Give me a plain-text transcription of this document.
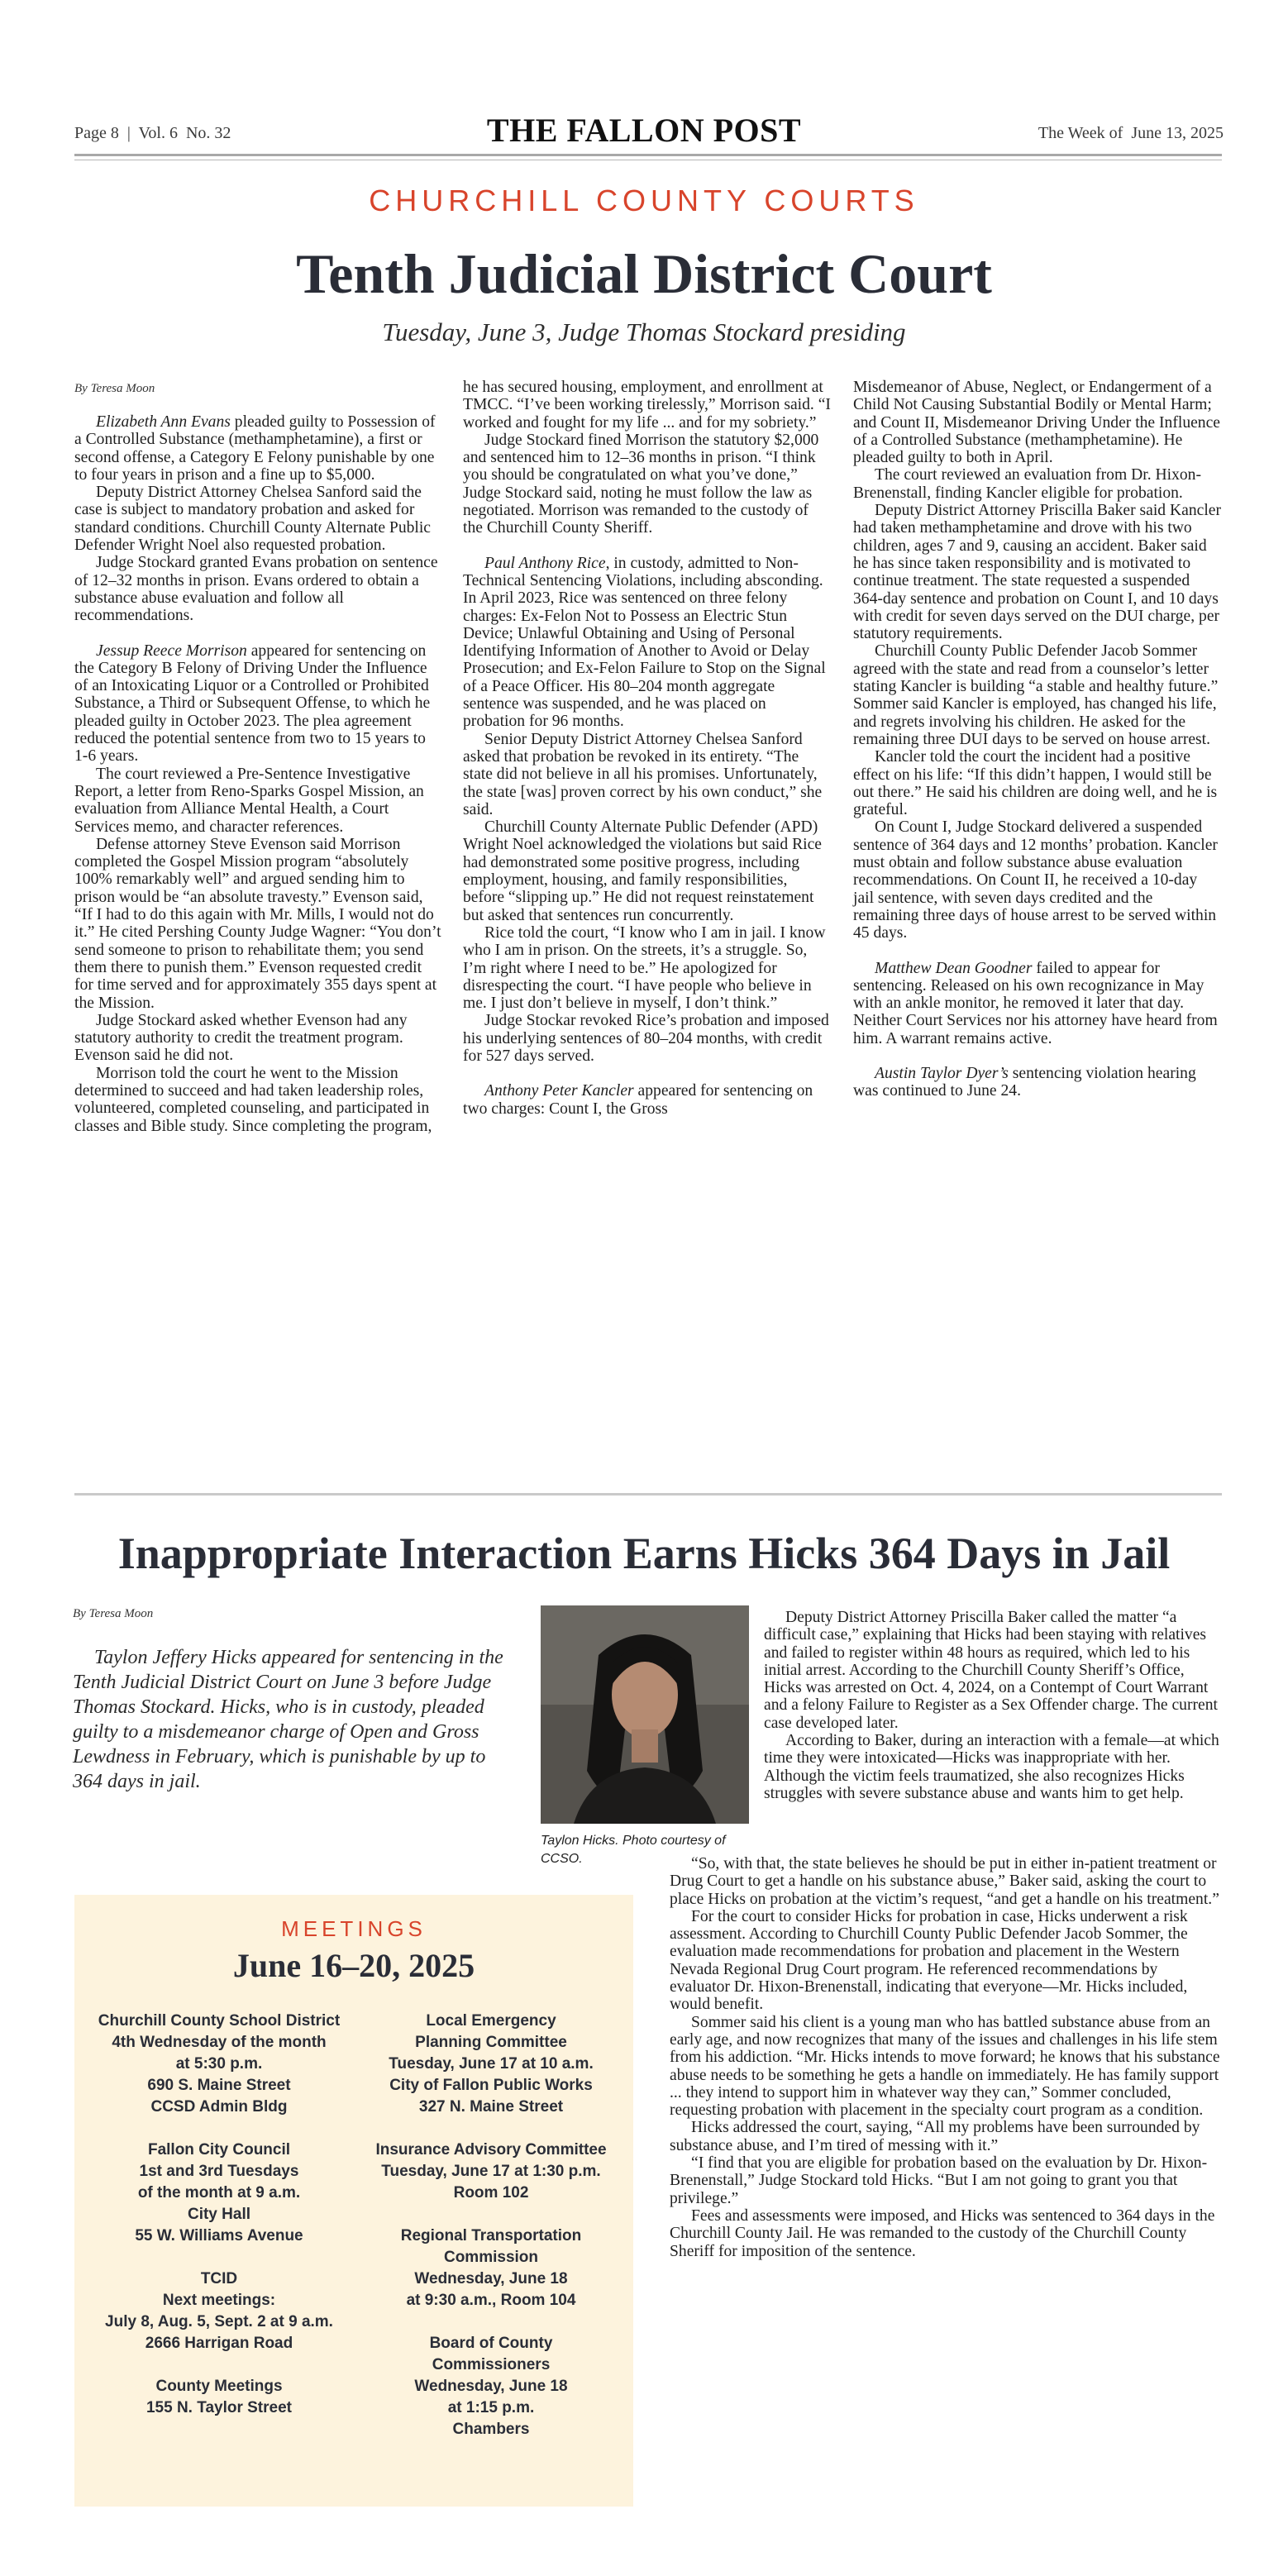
Page 8  |  Vol. 6  No. 32	THE FALLON POST	The Week of  June 13, 2025
CHURCHILL COUNTY COURTS
Tenth Judicial District Court
Tuesday, June 3, Judge Thomas Stockard presiding
By Teresa Moon

Elizabeth Ann Evans pleaded guilty to Possession of a Controlled Substance (methamphetamine), a first or second offense, a Category E Felony punishable by one to four years in prison and a fine up to $5,000.

Deputy District Attorney Chelsea Sanford said the case is subject to mandatory probation and asked for standard conditions. Churchill County Alternate Public Defender Wright Noel also requested probation.

Judge Stockard granted Evans probation on sentence of 12–32 months in prison. Evans ordered to obtain a substance abuse evaluation and follow all recommendations.

Jessup Reece Morrison appeared for sentencing on the Category B Felony of Driving Under the Influence of an Intoxicating Liquor or a Controlled or Prohibited Substance, a Third or Subsequent Offense, to which he pleaded guilty in October 2023. The plea agreement reduced the potential sentence from two to 15 years to 1-6 years.

The court reviewed a Pre-Sentence Investigative Report, a letter from Reno-Sparks Gospel Mission, an evaluation from Alliance Mental Health, a Court Services memo, and character references.

Defense attorney Steve Evenson said Morrison completed the Gospel Mission program “absolutely 100% remarkably well” and argued sending him to prison would be “an absolute travesty.” Evenson said, “If I had to do this again with Mr. Mills, I would not do it.” He cited Pershing County Judge Wagner: “You don’t send someone to prison to rehabilitate them; you send them there to punish them.” Evenson requested credit for time served and for approximately 355 days spent at the Mission.

Judge Stockard asked whether Evenson had any statutory authority to credit the treatment program. Evenson said he did not.

Morrison told the court he went to the Mission determined to succeed and had taken leadership roles, volunteered, completed counseling, and participated in classes and Bible study. Since completing the program,

he has secured housing, employment, and enrollment at TMCC. “I’ve been working tirelessly,” Morrison said. “I worked and fought for my life ... and for my sobriety.”

Judge Stockard fined Morrison the statutory $2,000 and sentenced him to 12–36 months in prison. “I think you should be congratulated on what you’ve done,” Judge Stockard said, noting he must follow the law as negotiated. Morrison was remanded to the custody of the Churchill County Sheriff.

Paul Anthony Rice, in custody, admitted to Non-Technical Sentencing Violations, including absconding. In April 2023, Rice was sentenced on three felony charges: Ex-Felon Not to Possess an Electric Stun Device; Unlawful Obtaining and Using of Personal Identifying Information of Another to Avoid or Delay Prosecution; and Ex-Felon Failure to Stop on the Signal of a Peace Officer. His 80–204 month aggregate sentence was suspended, and he was placed on probation for 96 months.

Senior Deputy District Attorney Chelsea Sanford asked that probation be revoked in its entirety. “The state did not believe in all his promises. Unfortunately, the state [was] proven correct by his own conduct,” she said.

Churchill County Alternate Public Defender (APD) Wright Noel acknowledged the violations but said Rice had demonstrated some positive progress, including employment, housing, and family responsibilities, before “slipping up.” He did not request reinstatement but asked that sentences run concurrently.

Rice told the court, “I know who I am in jail. I know who I am in prison. On the streets, it’s a struggle. So, I’m right where I need to be.” He apologized for disrespecting the court. “I have people who believe in me. I just don’t believe in myself, I don’t think.”

Judge Stockar revoked Rice’s probation and imposed his underlying sentences of 80–204 months, with credit for 527 days served.

Anthony Peter Kancler appeared for sentencing on two charges: Count I, the Gross

Misdemeanor of Abuse, Neglect, or Endangerment of a Child Not Causing Substantial Bodily or Mental Harm; and Count II, Misdemeanor Driving Under the Influence of a Controlled Substance (methamphetamine). He pleaded guilty to both in April.

The court reviewed an evaluation from Dr. Hixon-Brenenstall, finding Kancler eligible for probation.

Deputy District Attorney Priscilla Baker said Kancler had taken methamphetamine and drove with his two children, ages 7 and 9, causing an accident. Baker said he has since taken responsibility and is motivated to continue treatment. The state requested a suspended 364-day sentence and probation on Count I, and 10 days with credit for seven days served on the DUI charge, per statutory requirements.

Churchill County Public Defender Jacob Sommer agreed with the state and read from a counselor’s letter stating Kancler is building “a stable and healthy future.” Sommer said Kancler is employed, has changed his life, and regrets involving his children. He asked for the remaining three DUI days to be served on house arrest.

Kancler told the court the incident had a positive effect on his life: “If this didn’t happen, I would still be out there.” He said his children are doing well, and he is grateful.

On Count I, Judge Stockard delivered a suspended sentence of 364 days and 12 months’ probation. Kancler must obtain and follow substance abuse evaluation recommendations. On Count II, he received a 10-day jail sentence, with seven days credited and the remaining three days of house arrest to be served within 45 days.

Matthew Dean Goodner failed to appear for sentencing. Released on his own recognizance in May with an ankle monitor, he removed it later that day. Neither Court Services nor his attorney have heard from him. A warrant remains active.

Austin Taylor Dyer’s sentencing violation hearing was continued to June 24.

Inappropriate Interaction Earns Hicks 364 Days in Jail
By Teresa Moon
Taylon Jeffery Hicks appeared for sentencing in the Tenth Judicial District Court on June 3 before Judge Thomas Stockard. Hicks, who is in custody, pleaded guilty to a misdemeanor charge of Open and Gross Lewdness in February, which is punishable by up to 364 days in jail.
Taylon Hicks. Photo courtesy of CCSO.

Deputy District Attorney Priscilla Baker called the matter “a difficult case,” explaining that Hicks had been staying with relatives and failed to register within 48 hours as required, which led to his initial arrest. According to the Churchill County Sheriff’s Office, Hicks was arrested on Oct. 4, 2024, on a Contempt of Court Warrant and a felony Failure to Register as a Sex Offender charge. The current case developed later.

According to Baker, during an interaction with a female—at which time they were intoxicated—Hicks was inappropriate with her. Although the victim feels traumatized, she also recognizes Hicks struggles with severe substance abuse and wants him to get help.

“So, with that, the state believes he should be put in either in-patient treatment or Drug Court to get a handle on his substance abuse,” Baker said, asking the court to place Hicks on probation at the victim’s request, “and get a handle on his treatment.”

For the court to consider Hicks for probation in case, Hicks underwent a risk assessment. According to Churchill County Public Defender Jacob Sommer, the evaluation made recommendations for probation and placement in the Western Nevada Regional Drug Court program. He referenced recommendations by evaluator Dr. Hixon-Brenenstall, indicating that everyone—Mr. Hicks included, would benefit.

Sommer said his client is a young man who has battled substance abuse from an early age, and now recognizes that many of the issues and challenges in his life stem from his addiction. “Mr. Hicks intends to move forward; he knows that his substance abuse needs to be something he gets a handle on immediately. He has family support ... they intend to support him in whatever way they can,” Sommer concluded, requesting probation with placement in the specialty court program as a condition.

Hicks addressed the court, saying, “All my problems have been surrounded by substance abuse, and I’m tired of messing with it.”

“I find that you are eligible for probation based on the evaluation by Dr. Hixon-Brenenstall,” Judge Stockard told Hicks. “But I am not going to grant you that privilege.”

Fees and assessments were imposed, and Hicks was sentenced to 364 days in the Churchill County Jail. He was remanded to the custody of the Churchill County Sheriff for imposition of the sentence.

MEETINGS
June 16–20, 2025
Churchill County School District
4th Wednesday of the month
at 5:30 p.m.
690 S. Maine Street
CCSD Admin Bldg
Fallon City Council
1st and 3rd Tuesdays
of the month at 9 a.m.
City Hall
55 W. Williams Avenue
TCID
Next meetings:
July 8, Aug. 5, Sept. 2 at 9 a.m.
2666 Harrigan Road
County Meetings
155 N. Taylor Street
Local Emergency
Planning Committee
Tuesday, June 17 at 10 a.m.
City of Fallon Public Works
327 N. Maine Street
Insurance Advisory Committee
Tuesday, June 17 at 1:30 p.m.
Room 102
Regional Transportation
Commission
Wednesday, June 18
at 9:30 a.m., Room 104
Board of County
Commissioners
Wednesday, June 18
at 1:15 p.m.
Chambers
